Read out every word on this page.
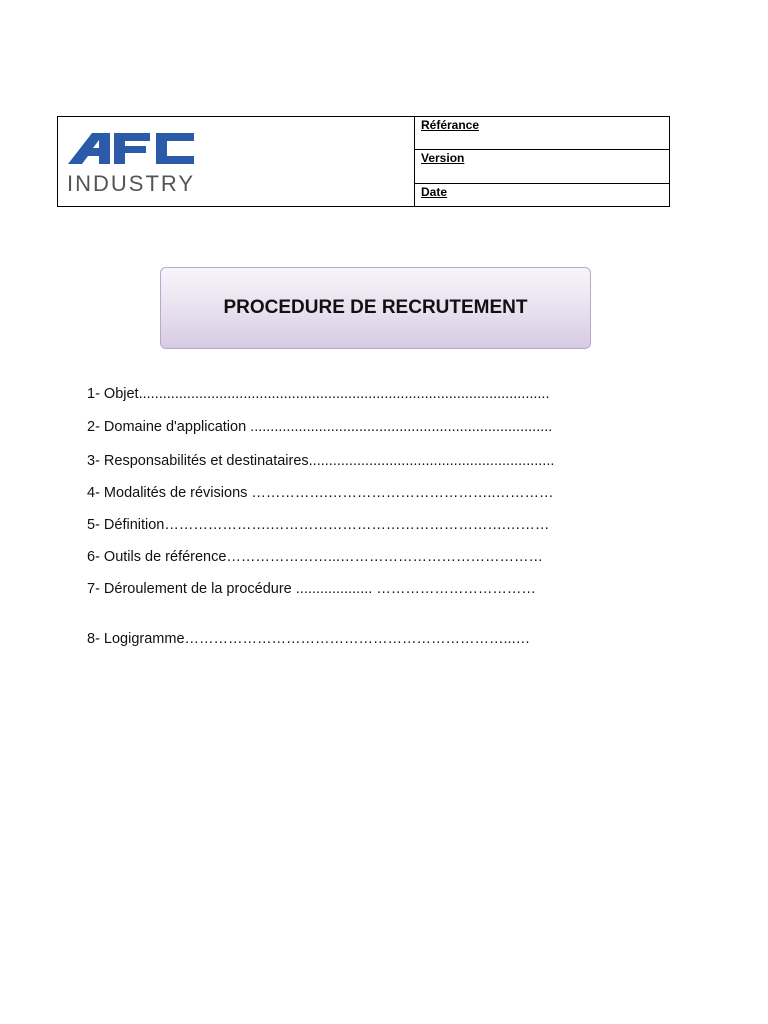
INDUSTRY
Référance
Version
Date
PROCEDURE DE RECRUTEMENT
1- Objet......................................................................................................
2- Domaine d'application ...........................................................................
3- Responsabilités et destinataires.............................................................
4- Modalités de révisions …………….……………………………..…………
5- Définition………………….………………………………………….………
6- Outils de référence…………………...……………………………………
7- Déroulement de la procédure ................... ……………………………
8- Logigramme…………………………………………………………...…
